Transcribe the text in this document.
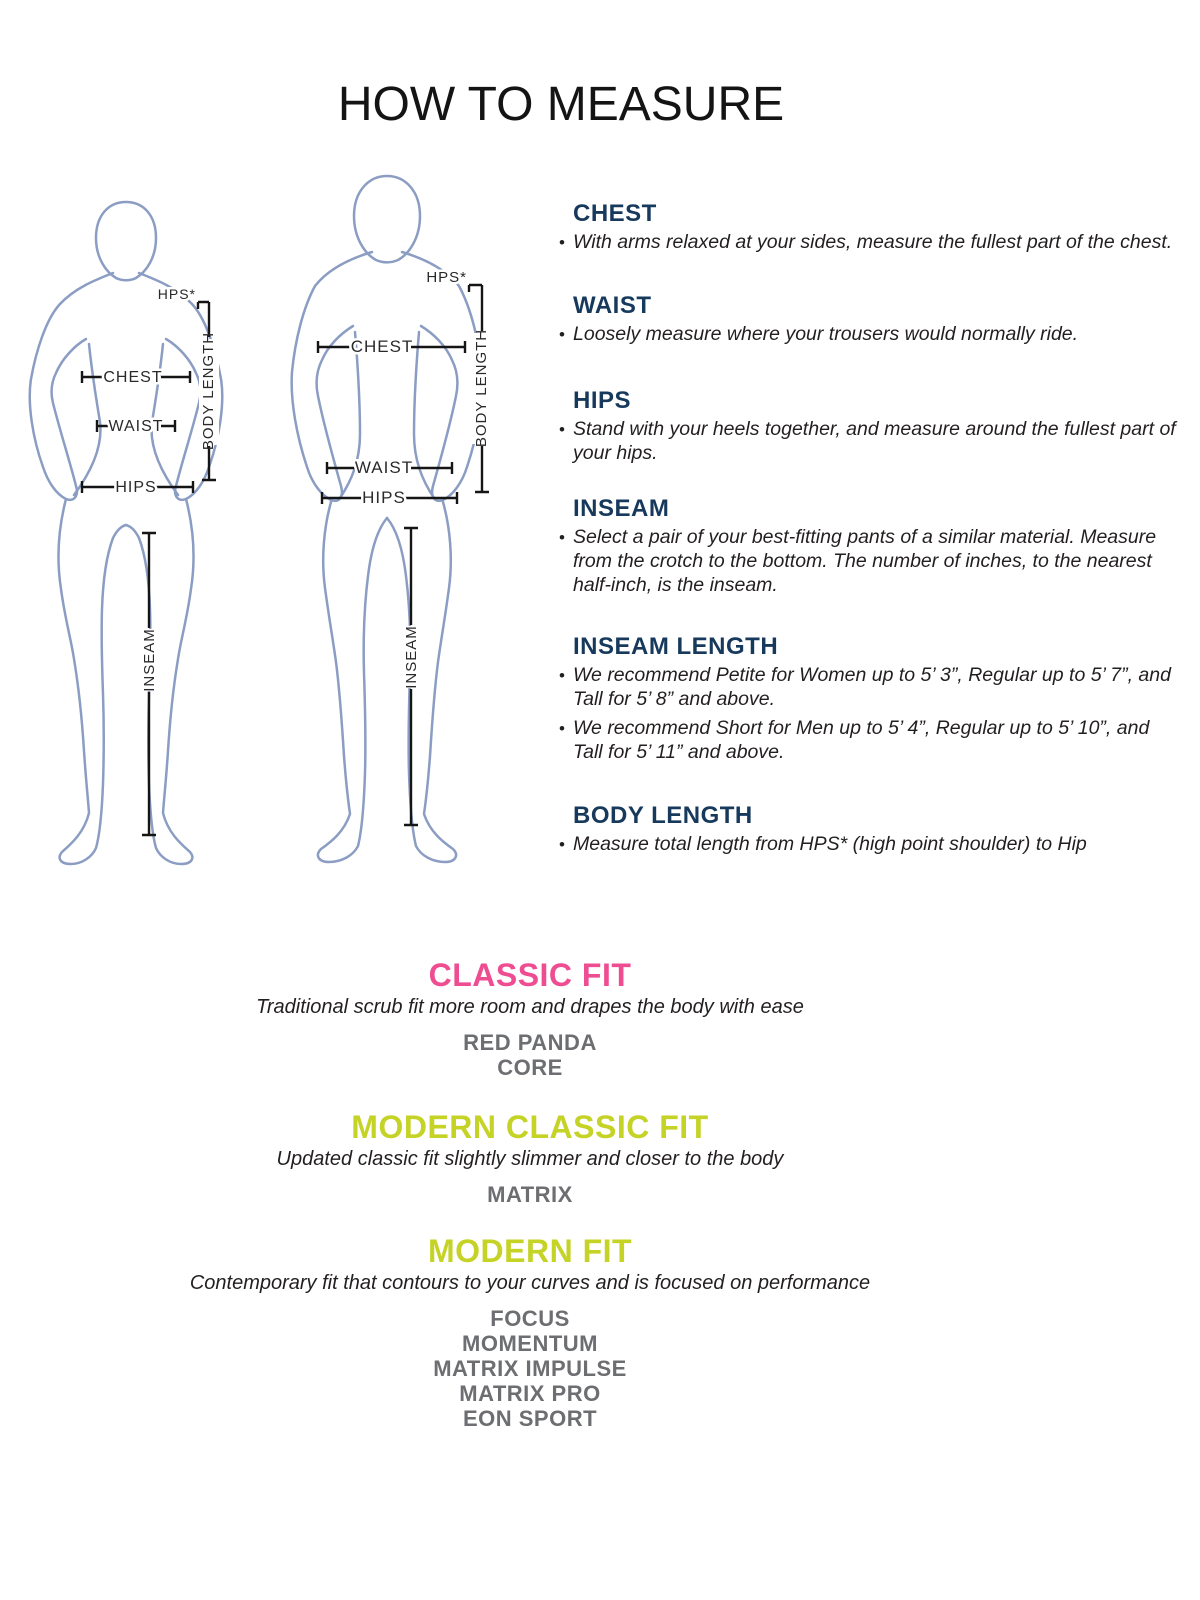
HOW TO MEASURE
HPS*
BODY LENGTH
CHEST
WAIST
HIPS
INSEAM
HPS*
BODY LENGTH
CHEST
WAIST
HIPS
INSEAM
CHEST
• With arms relaxed at your sides, measure the fullest part of the chest.
WAIST
• Loosely measure where your trousers would normally ride.
HIPS
• Stand with your heels together, and measure around the fullest part of your hips.
INSEAM
• Select a pair of your best-fitting pants of a similar material. Measure from the crotch to the bottom. The number of inches, to the nearest half-inch, is the inseam.
INSEAM LENGTH
• We recommend Petite for Women up to 5’ 3”, Regular up to 5’ 7”, and Tall for 5’ 8” and above.
• We recommend Short for Men up to 5’ 4”, Regular up to 5’ 10”, and Tall for 5’ 11” and above.
BODY LENGTH
• Measure total length from HPS* (high point shoulder) to Hip
CLASSIC FIT

Traditional scrub fit more room and drapes the body with ease

RED PANDA
CORE
MODERN CLASSIC FIT

Updated classic fit slightly slimmer and closer to the body

MATRIX
MODERN FIT

Contemporary fit that contours to your curves and is focused on performance

FOCUS
MOMENTUM
MATRIX IMPULSE
MATRIX PRO
EON SPORT
